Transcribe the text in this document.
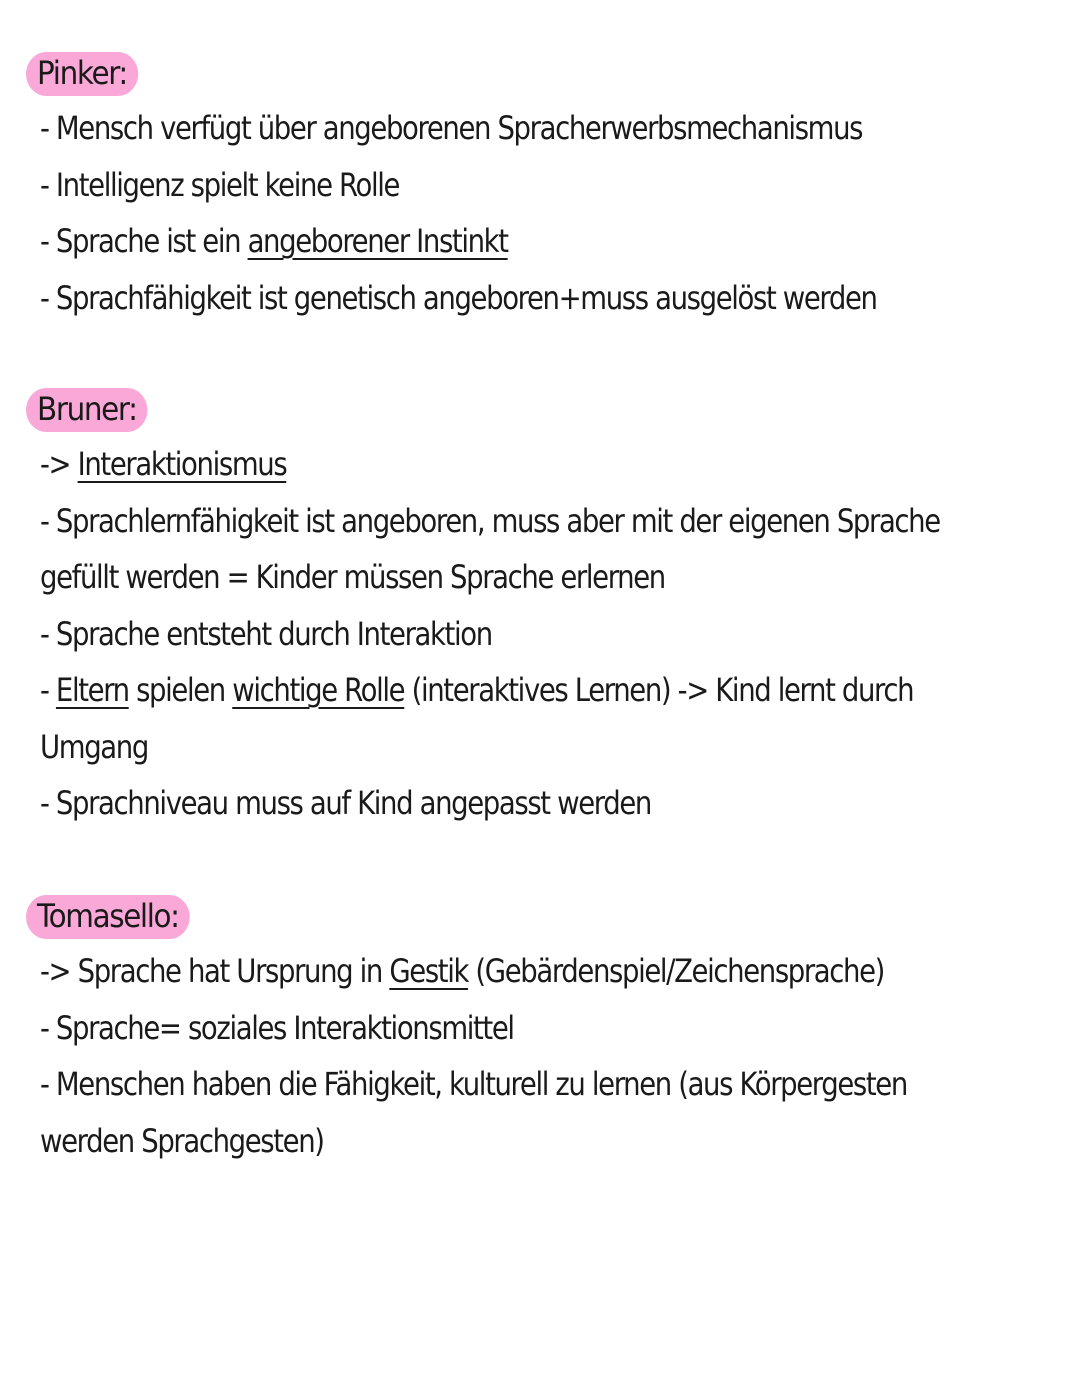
Pinker:
- Mensch verfügt über angeborenen Spracherwerbsmechanismus
- Intelligenz spielt keine Rolle
- Sprache ist ein angeborener Instinkt
- Sprachfähigkeit ist genetisch angeboren+muss ausgelöst werden
Bruner:
-> Interaktionismus
- Sprachlernfähigkeit ist angeboren, muss aber mit der eigenen Sprache
gefüllt werden = Kinder müssen Sprache erlernen
- Sprache entsteht durch Interaktion
- Eltern spielen wichtige Rolle (interaktives Lernen) -> Kind lernt durch
Umgang
- Sprachniveau muss auf Kind angepasst werden
Tomasello:
-> Sprache hat Ursprung in Gestik (Gebärdenspiel/Zeichensprache)
- Sprache= soziales Interaktionsmittel
- Menschen haben die Fähigkeit, kulturell zu lernen (aus Körpergesten
werden Sprachgesten)
